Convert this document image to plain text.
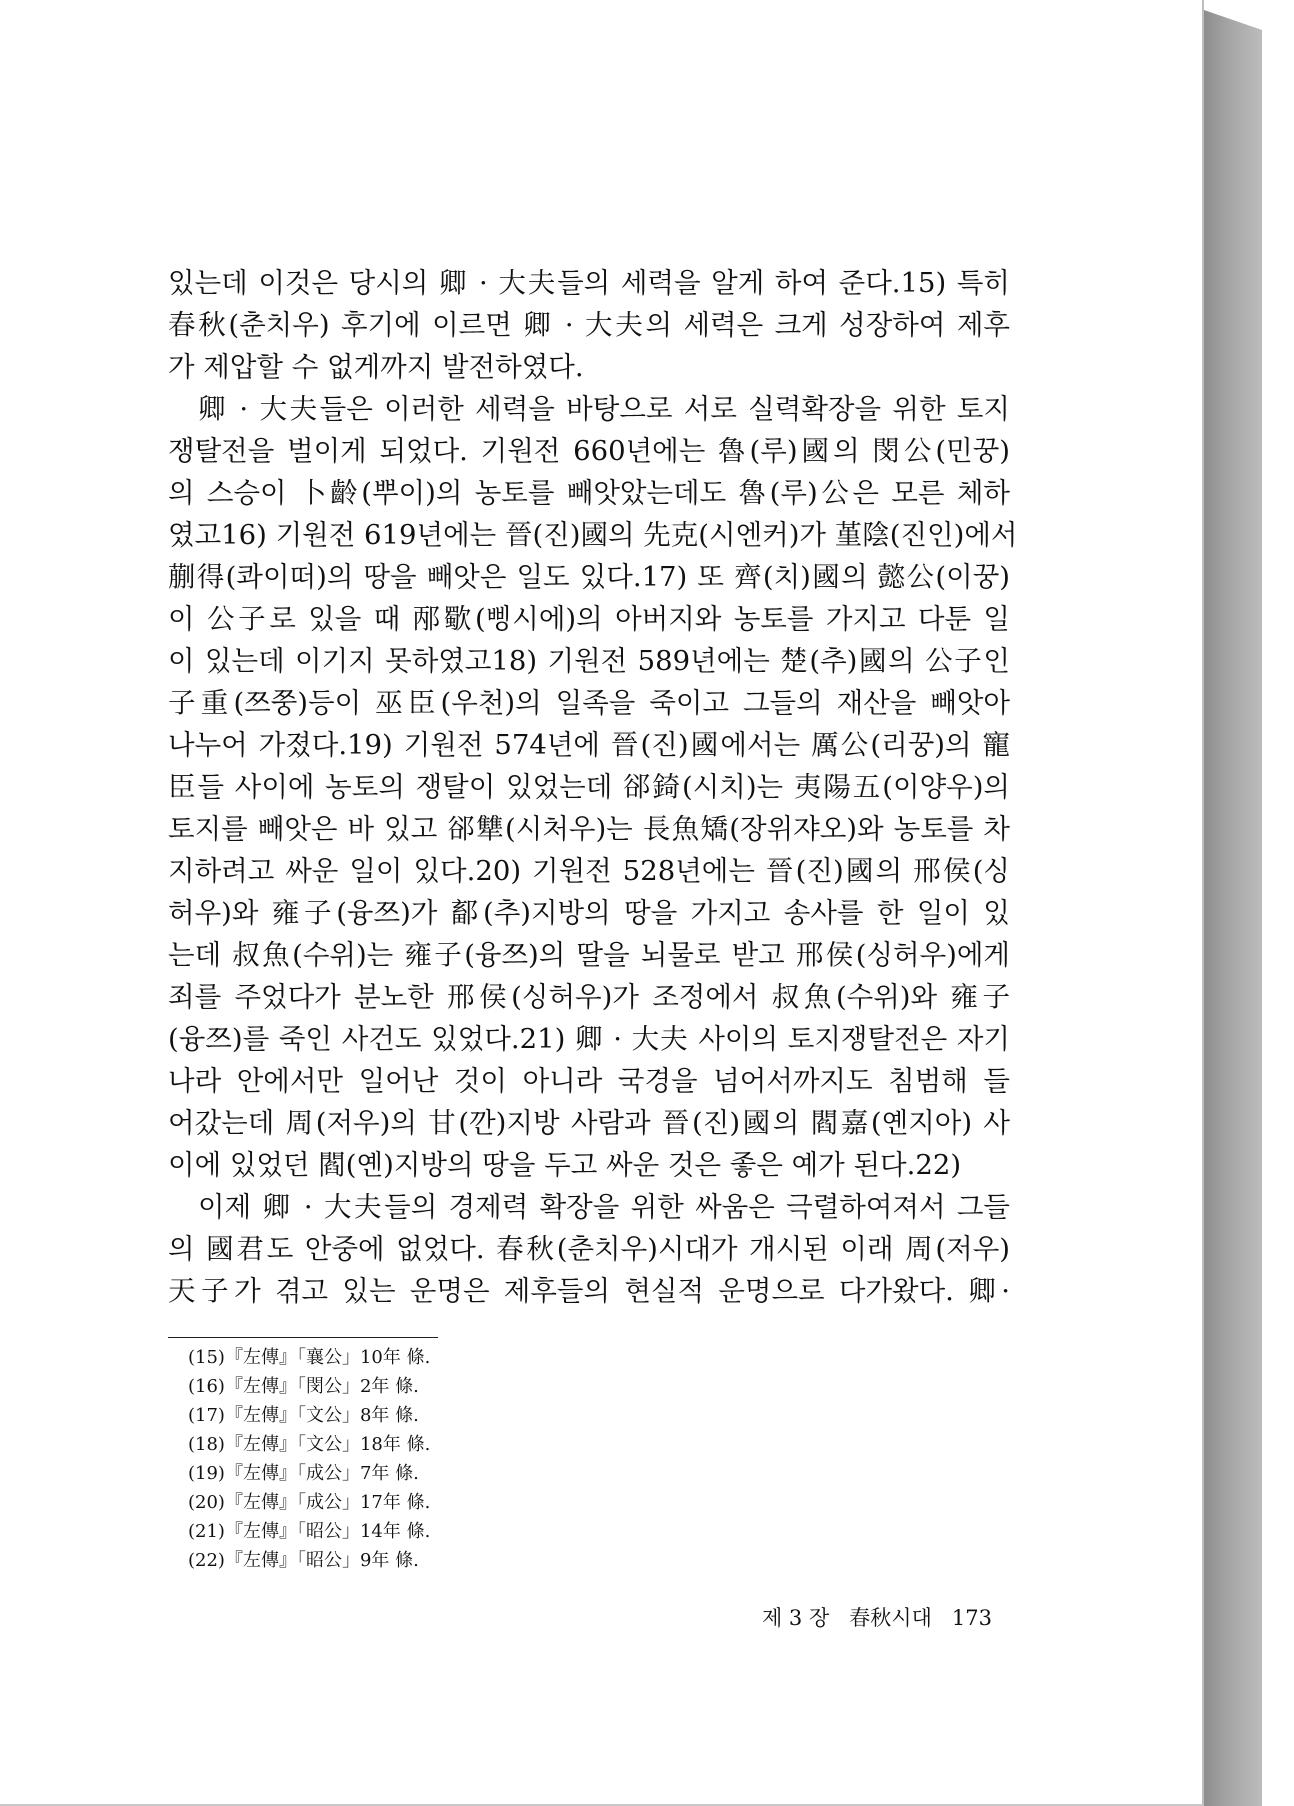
있는데 이것은 당시의 卿 · 大夫들의 세력을 알게 하여 준다.15) 특히
春秋(춘치우) 후기에 이르면 卿 · 大夫의 세력은 크게 성장하여 제후
가 제압할 수 없게까지 발전하였다.
卿 · 大夫들은 이러한 세력을 바탕으로 서로 실력확장을 위한 토지
쟁탈전을 벌이게 되었다. 기원전 660년에는 魯(루)國의 閔公(민꿍)
의 스승이 卜齡(뿌이)의 농토를 빼앗았는데도 魯(루)公은 모른 체하
였고16) 기원전 619년에는 晉(진)國의 先克(시엔커)가 堇陰(진인)에서
蒯得(콰이떠)의 땅을 빼앗은 일도 있다.17) 또 齊(치)國의 懿公(이꿍)
이 公子로 있을 때 邴歜(삥시에)의 아버지와 농토를 가지고 다툰 일
이 있는데 이기지 못하였고18) 기원전 589년에는 楚(추)國의 公子인
子重(쯔쭝)등이 巫臣(우천)의 일족을 죽이고 그들의 재산을 빼앗아
나누어 가졌다.19) 기원전 574년에 晉(진)國에서는 厲公(리꿍)의 寵
臣들 사이에 농토의 쟁탈이 있었는데 郤錡(시치)는 夷陽五(이양우)의
토지를 빼앗은 바 있고 郤犨(시처우)는 長魚矯(장위쟈오)와 농토를 차
지하려고 싸운 일이 있다.20) 기원전 528년에는 晉(진)國의 邢侯(싱
허우)와 雍子(융쯔)가 鄐(추)지방의 땅을 가지고 송사를 한 일이 있
는데 叔魚(수위)는 雍子(융쯔)의 딸을 뇌물로 받고 邢侯(싱허우)에게
죄를 주었다가 분노한 邢侯(싱허우)가 조정에서 叔魚(수위)와 雍子
(융쯔)를 죽인 사건도 있었다.21) 卿 · 大夫 사이의 토지쟁탈전은 자기
나라 안에서만 일어난 것이 아니라 국경을 넘어서까지도 침범해 들
어갔는데 周(저우)의 甘(깐)지방 사람과 晉(진)國의 閻嘉(옌지아) 사
이에 있었던 閻(옌)지방의 땅을 두고 싸운 것은 좋은 예가 된다.22)
이제 卿 · 大夫들의 경제력 확장을 위한 싸움은 극렬하여져서 그들
의 國君도 안중에 없었다. 春秋(춘치우)시대가 개시된 이래 周(저우)
天子가 겪고 있는 운명은 제후들의 현실적 운명으로 다가왔다. 卿·
(15)『左傳』「襄公」10年 條.
(16)『左傳』「閔公」2年 條.
(17)『左傳』「文公」8年 條.
(18)『左傳』「文公」18年 條.
(19)『左傳』「成公」7年 條.
(20)『左傳』「成公」17年 條.
(21)『左傳』「昭公」14年 條.
(22)『左傳』「昭公」9年 條.
제 3 장 春秋시대 173
